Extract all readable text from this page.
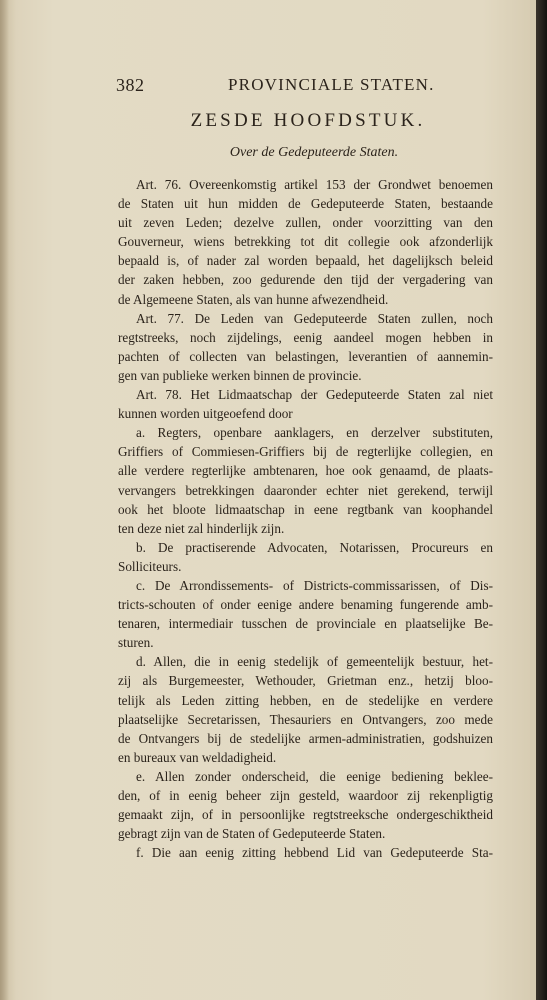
382	PROVINCIALE STATEN.
ZESDE HOOFDSTUK.
Over de Gedeputeerde Staten.
Art. 76. Overeenkomstig artikel 153 der Grondwet benoemen
de Staten uit hun midden de Gedeputeerde Staten, bestaande
uit zeven Leden; dezelve zullen, onder voorzitting van den
Gouverneur, wiens betrekking tot dit collegie ook afzonderlijk
bepaald is, of nader zal worden bepaald, het dagelijksch beleid
der zaken hebben, zoo gedurende den tijd der vergadering van
de Algemeene Staten, als van hunne afwezendheid.
Art. 77. De Leden van Gedeputeerde Staten zullen, noch
regtstreeks, noch zijdelings, eenig aandeel mogen hebben in
pachten of collecten van belastingen, leverantien of aannemin-
gen van publieke werken binnen de provincie.
Art. 78. Het Lidmaatschap der Gedeputeerde Staten zal niet
kunnen worden uitgeoefend door
a. Regters, openbare aanklagers, en derzelver substituten,
Griffiers of Commiesen-Griffiers bij de regterlijke collegien, en
alle verdere regterlijke ambtenaren, hoe ook genaamd, de plaats-
vervangers betrekkingen daaronder echter niet gerekend, terwijl
ook het bloote lidmaatschap in eene regtbank van koophandel
ten deze niet zal hinderlijk zijn.
b. De practiserende Advocaten, Notarissen, Procureurs en
Solliciteurs.
c. De Arrondissements- of Districts-commissarissen, of Dis-
tricts-schouten of onder eenige andere benaming fungerende amb-
tenaren, intermediair tusschen de provinciale en plaatselijke Be-
sturen.
d. Allen, die in eenig stedelijk of gemeentelijk bestuur, het-
zij als Burgemeester, Wethouder, Grietman enz., hetzij bloo-
telijk als Leden zitting hebben, en de stedelijke en verdere
plaatselijke Secretarissen, Thesauriers en Ontvangers, zoo mede
de Ontvangers bij de stedelijke armen-administratien, godshuizen
en bureaux van weldadigheid.
e. Allen zonder onderscheid, die eenige bediening beklee-
den, of in eenig beheer zijn gesteld, waardoor zij rekenpligtig
gemaakt zijn, of in persoonlijke regtstreeksche ondergeschiktheid
gebragt zijn van de Staten of Gedeputeerde Staten.
f. Die aan eenig zitting hebbend Lid van Gedeputeerde Sta-
